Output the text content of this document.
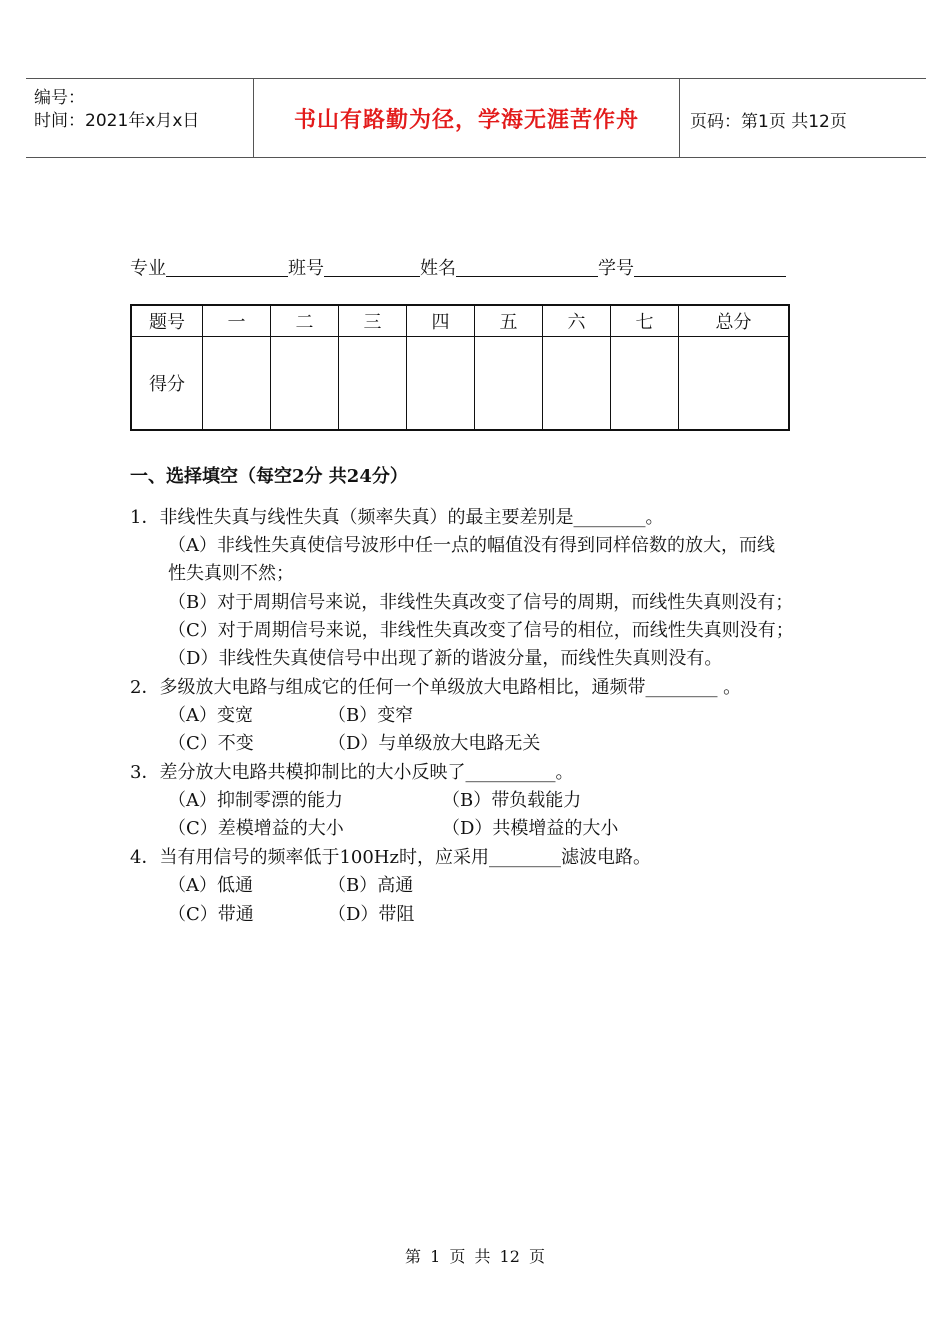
编号：
时间：2021年x月x日	书山有路勤为径，学海无涯苦作舟	页码：第1页 共12页
专业	班号	姓名	学号
题号	一	二	三	四	五	六	七	总分
得分								
一、选择填空（每空2分 共24分）
1．非线性失真与线性失真（频率失真）的最主要差别是________。
（A）非线性失真使信号波形中任一点的幅值没有得到同样倍数的放大，而线
性失真则不然；
（B）对于周期信号来说，非线性失真改变了信号的周期，而线性失真则没有；
（C）对于周期信号来说，非线性失真改变了信号的相位，而线性失真则没有；
（D）非线性失真使信号中出现了新的谐波分量，而线性失真则没有。
2．多级放大电路与组成它的任何一个单级放大电路相比，通频带________ 。
（A）变宽	（B）变窄
（C）不变	（D）与单级放大电路无关
3．差分放大电路共模抑制比的大小反映了__________。
（A）抑制零漂的能力	（B）带负载能力
（C）差模增益的大小	（D）共模增益的大小
4．当有用信号的频率低于100Hz时，应采用________滤波电路。
（A）低通	（B）高通
（C）带通	（D）带阻
第 1 页 共 12 页
